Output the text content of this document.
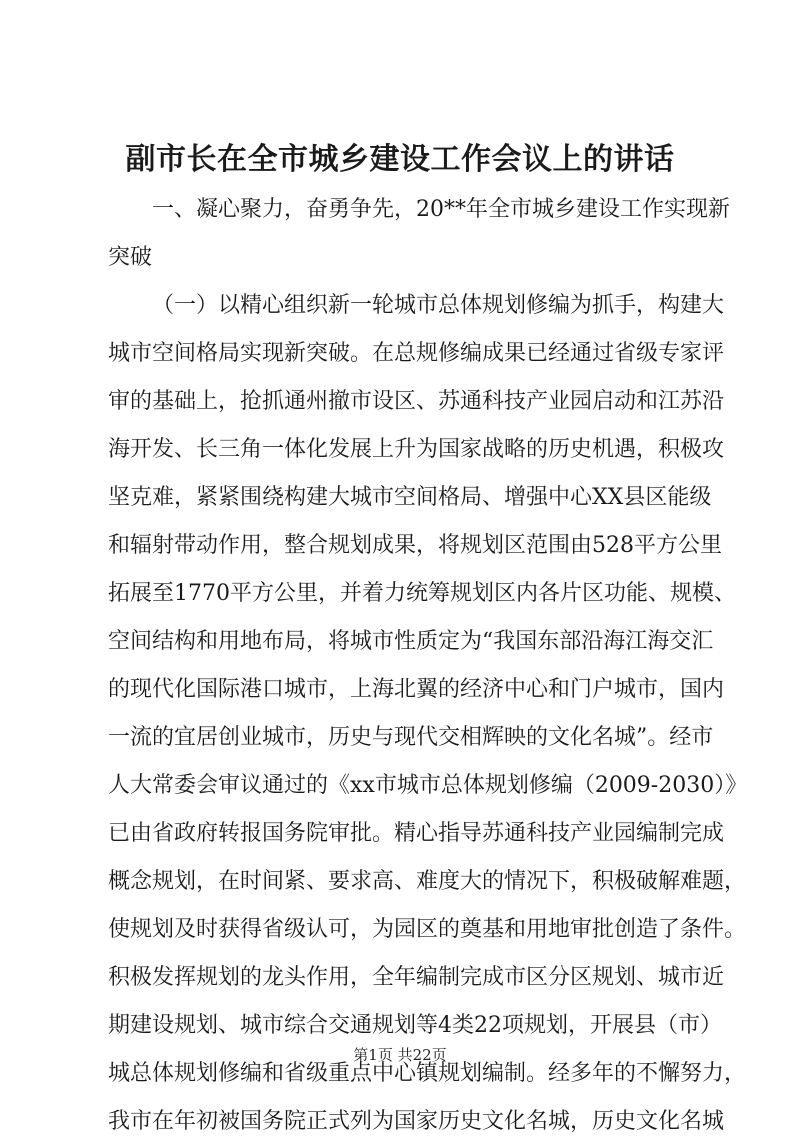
副市长在全市城乡建设工作会议上的讲话
一、凝心聚力，奋勇争先，20**年全市城乡建设工作实现新
突破
（一）以精心组织新一轮城市总体规划修编为抓手，构建大
城市空间格局实现新突破。在总规修编成果已经通过省级专家评
审的基础上，抢抓通州撤市设区、苏通科技产业园启动和江苏沿
海开发、长三角一体化发展上升为国家战略的历史机遇，积极攻
坚克难，紧紧围绕构建大城市空间格局、增强中心XX县区能级
和辐射带动作用，整合规划成果，将规划区范围由528平方公里
拓展至1770平方公里，并着力统筹规划区内各片区功能、规模、
空间结构和用地布局，将城市性质定为“我国东部沿海江海交汇
的现代化国际港口城市，上海北翼的经济中心和门户城市，国内
一流的宜居创业城市，历史与现代交相辉映的文化名城”。经市
人大常委会审议通过的《xx市城市总体规划修编（2009-2030）》
已由省政府转报国务院审批。精心指导苏通科技产业园编制完成
概念规划，在时间紧、要求高、难度大的情况下，积极破解难题，
使规划及时获得省级认可，为园区的奠基和用地审批创造了条件。
积极发挥规划的龙头作用，全年编制完成市区分区规划、城市近
期建设规划、城市综合交通规划等4类22项规划，开展县（市）
城总体规划修编和省级重点中心镇规划编制。经多年的不懈努力，
我市在年初被国务院正式列为国家历史文化名城，历史文化名城
第1页 共22页
